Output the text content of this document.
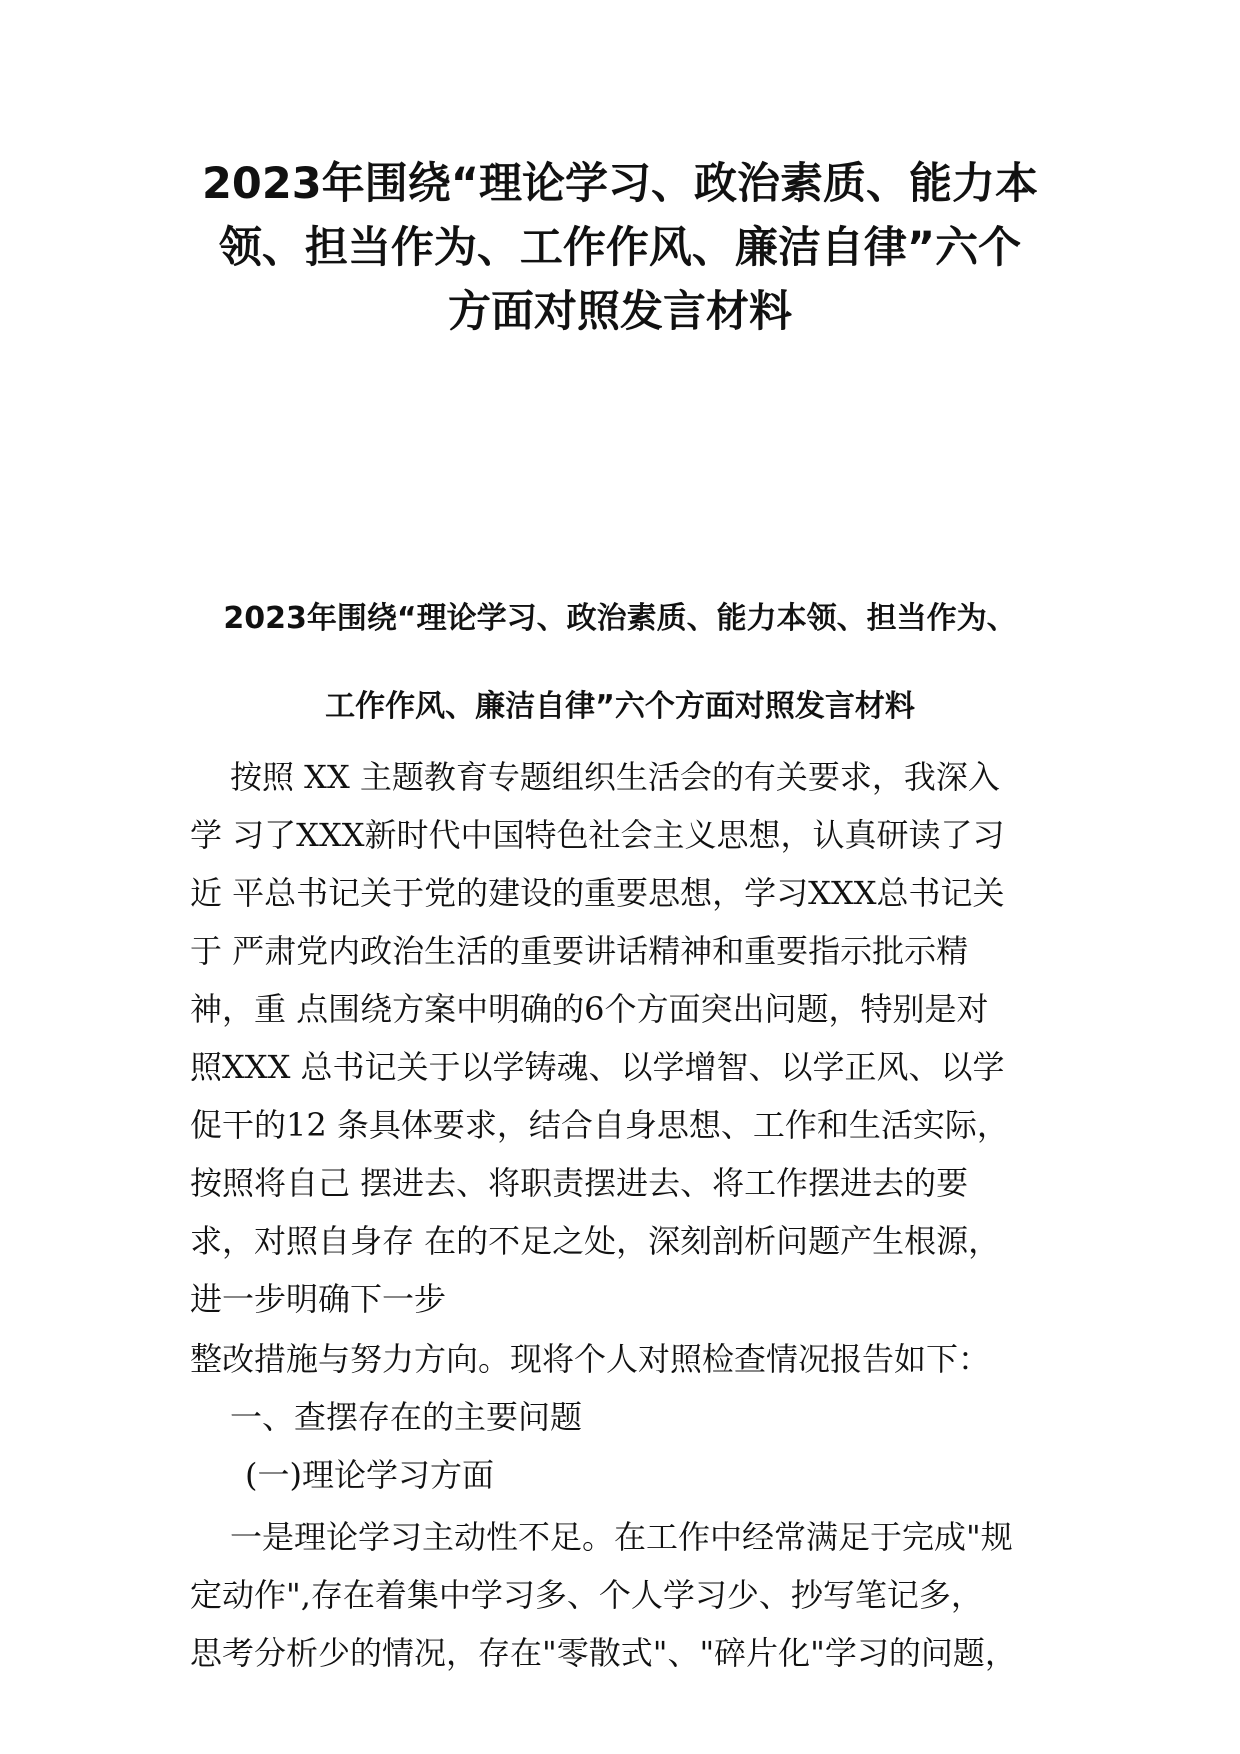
2023年围绕“理论学习、政治素质、能力本
领、担当作为、工作作风、廉洁自律”六个
方面对照发言材料
2023年围绕“理论学习、政治素质、能力本领、担当作为、
工作作风、廉洁自律”六个方面对照发言材料

按照 XX 主题教育专题组织生活会的有关要求，我深入
学 习了XXX新时代中国特色社会主义思想，认真研读了习
近 平总书记关于党的建设的重要思想，学习XXX总书记关
于 严肃党内政治生活的重要讲话精神和重要指示批示精
神，重 点围绕方案中明确的6个方面突出问题，特别是对
照XXX 总书记关于以学铸魂、以学增智、以学正风、以学
促干的12 条具体要求，结合自身思想、工作和生活实际，
按照将自己 摆进去、将职责摆进去、将工作摆进去的要
求，对照自身存 在的不足之处，深刻剖析问题产生根源，
进一步明确下一步

整改措施与努力方向。现将个人对照检查情况报告如下：

一、查摆存在的主要问题

(一)理论学习方面

一是理论学习主动性不足。在工作中经常满足于完成"规
定动作",存在着集中学习多、个人学习少、抄写笔记多，

思考分析少的情况，存在"零散式"、"碎片化"学习的问题，
